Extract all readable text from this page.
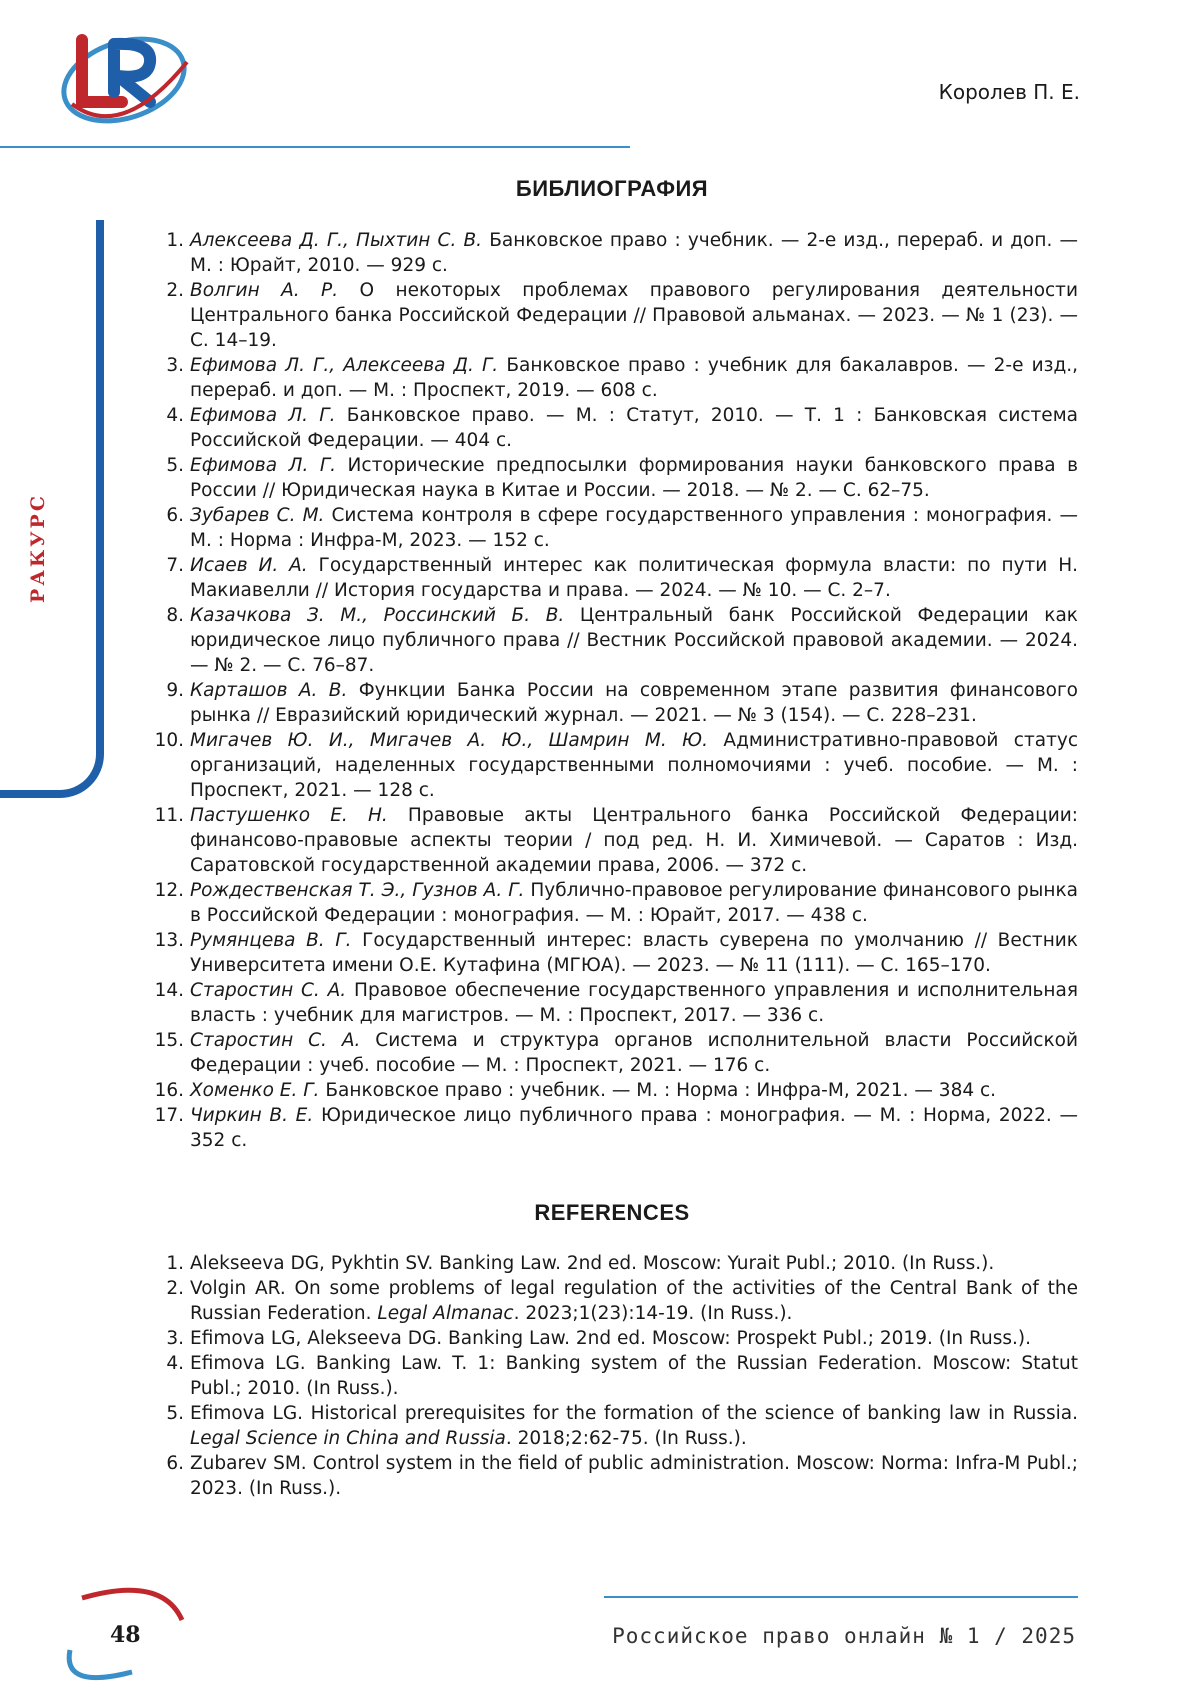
Королев П. Е.
РАКУРС
БИБЛИОГРАФИЯ
1. Алексеева Д. Г., Пыхтин С. В. Банковское право : учебник. — 2-е изд., перераб. и доп. — М. : Юрайт, 2010. — 929 с.
2. Волгин А. Р. О некоторых проблемах правового регулирования деятельности Центрального банка Российской Федерации // Правовой альманах. — 2023. — № 1 (23). — С. 14–19.
3. Ефимова Л. Г., Алексеева Д. Г. Банковское право : учебник для бакалавров. — 2-е изд., перераб. и доп. — М. : Проспект, 2019. — 608 с.
4. Ефимова Л. Г. Банковское право. — М. : Статут, 2010. — Т. 1 : Банковская система Российской Федерации. — 404 с.
5. Ефимова Л. Г. Исторические предпосылки формирования науки банковского права в России // Юридическая наука в Китае и России. — 2018. — № 2. — С. 62–75.
6. Зубарев С. М. Система контроля в сфере государственного управления : монография. — М. : Норма : Инфра-М, 2023. — 152 с.
7. Исаев И. А. Государственный интерес как политическая формула власти: по пути Н. Макиавелли // История государства и права. — 2024. — № 10. — С. 2–7.
8. Казачкова З. М., Россинский Б. В. Центральный банк Российской Федерации как юридическое лицо публичного права // Вестник Российской правовой академии. — 2024. — № 2. — С. 76–87.
9. Карташов А. В. Функции Банка России на современном этапе развития финансового рынка // Евразийский юридический журнал. — 2021. — № 3 (154). — С. 228–231.
10. Мигачев Ю. И., Мигачев А. Ю., Шамрин М. Ю. Административно-правовой статус организаций, наделенных государственными полномочиями : учеб. пособие. — М. : Проспект, 2021. — 128 с.
11. Пастушенко Е. Н. Правовые акты Центрального банка Российской Федерации: финансово-правовые аспекты теории / под ред. Н. И. Химичевой. — Саратов : Изд. Саратовской государственной академии права, 2006. — 372 с.
12. Рождественская Т. Э., Гузнов А. Г. Публично-правовое регулирование финансового рынка в Российской Федерации : монография. — М. : Юрайт, 2017. — 438 с.
13. Румянцева В. Г. Государственный интерес: власть суверена по умолчанию // Вестник Университета имени О.Е. Кутафина (МГЮА). — 2023. — № 11 (111). — С. 165–170.
14. Старостин С. А. Правовое обеспечение государственного управления и исполнительная власть : учебник для магистров. — М. : Проспект, 2017. — 336 с.
15. Старостин С. А. Система и структура органов исполнительной власти Российской Федерации : учеб. пособие — М. : Проспект, 2021. — 176 с.
16. Хоменко Е. Г. Банковское право : учебник. — М. : Норма : Инфра-М, 2021. — 384 с.
17. Чиркин В. Е. Юридическое лицо публичного права : монография. — М. : Норма, 2022. — 352 с.
REFERENCES
1. Alekseeva DG, Pykhtin SV. Banking Law. 2nd ed. Moscow: Yurait Publ.; 2010. (In Russ.).
2. Volgin AR. On some problems of legal regulation of the activities of the Central Bank of the Russian Federation. Legal Almanac. 2023;1(23):14-19. (In Russ.).
3. Efimova LG, Alekseeva DG. Banking Law. 2nd ed. Moscow: Prospekt Publ.; 2019. (In Russ.).
4. Efimova LG. Banking Law. T. 1: Banking system of the Russian Federation. Moscow: Statut Publ.; 2010. (In Russ.).
5. Efimova LG. Historical prerequisites for the formation of the science of banking law in Russia. Legal Science in China and Russia. 2018;2:62-75. (In Russ.).
6. Zubarev SM. Control system in the field of public administration. Moscow: Norma: Infra-M Publ.; 2023. (In Russ.).
48	Российское право онлайн № 1 / 2025
